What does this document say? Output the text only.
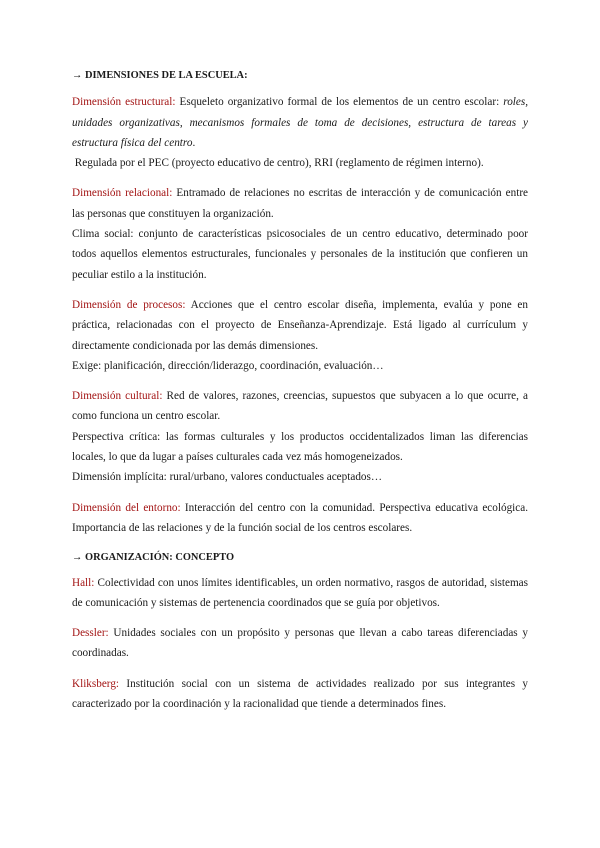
→ DIMENSIONES DE LA ESCUELA:

Dimensión estructural: Esqueleto organizativo formal de los elementos de un centro escolar: roles, unidades organizativas, mecanismos formales de toma de decisiones, estructura de tareas y estructura física del centro.

Regulada por el PEC (proyecto educativo de centro), RRI (reglamento de régimen interno).

Dimensión relacional: Entramado de relaciones no escritas de interacción y de comunicación entre las personas que constituyen la organización.

Clima social: conjunto de características psicosociales de un centro educativo, determinado poor todos aquellos elementos estructurales, funcionales y personales de la institución que confieren un peculiar estilo a la institución.

Dimensión de procesos: Acciones que el centro escolar diseña, implementa, evalúa y pone en práctica, relacionadas con el proyecto de Enseñanza-Aprendizaje. Está ligado al currículum y directamente condicionada por las demás dimensiones.

Exige: planificación, dirección/liderazgo, coordinación, evaluación…

Dimensión cultural: Red de valores, razones, creencias, supuestos que subyacen a lo que ocurre, a como funciona un centro escolar.

Perspectiva crítica: las formas culturales y los productos occidentalizados liman las diferencias locales, lo que da lugar a países culturales cada vez más homogeneizados.

Dimensión implícita: rural/urbano, valores conductuales aceptados…

Dimensión del entorno: Interacción del centro con la comunidad. Perspectiva educativa ecológica. Importancia de las relaciones y de la función social de los centros escolares.

→ ORGANIZACIÓN: CONCEPTO

Hall: Colectividad con unos límites identificables, un orden normativo, rasgos de autoridad, sistemas de comunicación y sistemas de pertenencia coordinados que se guía por objetivos.

Dessler: Unidades sociales con un propósito y personas que llevan a cabo tareas diferenciadas y coordinadas.

Kliksberg: Institución social con un sistema de actividades realizado por sus integrantes y caracterizado por la coordinación y la racionalidad que tiende a determinados fines.
